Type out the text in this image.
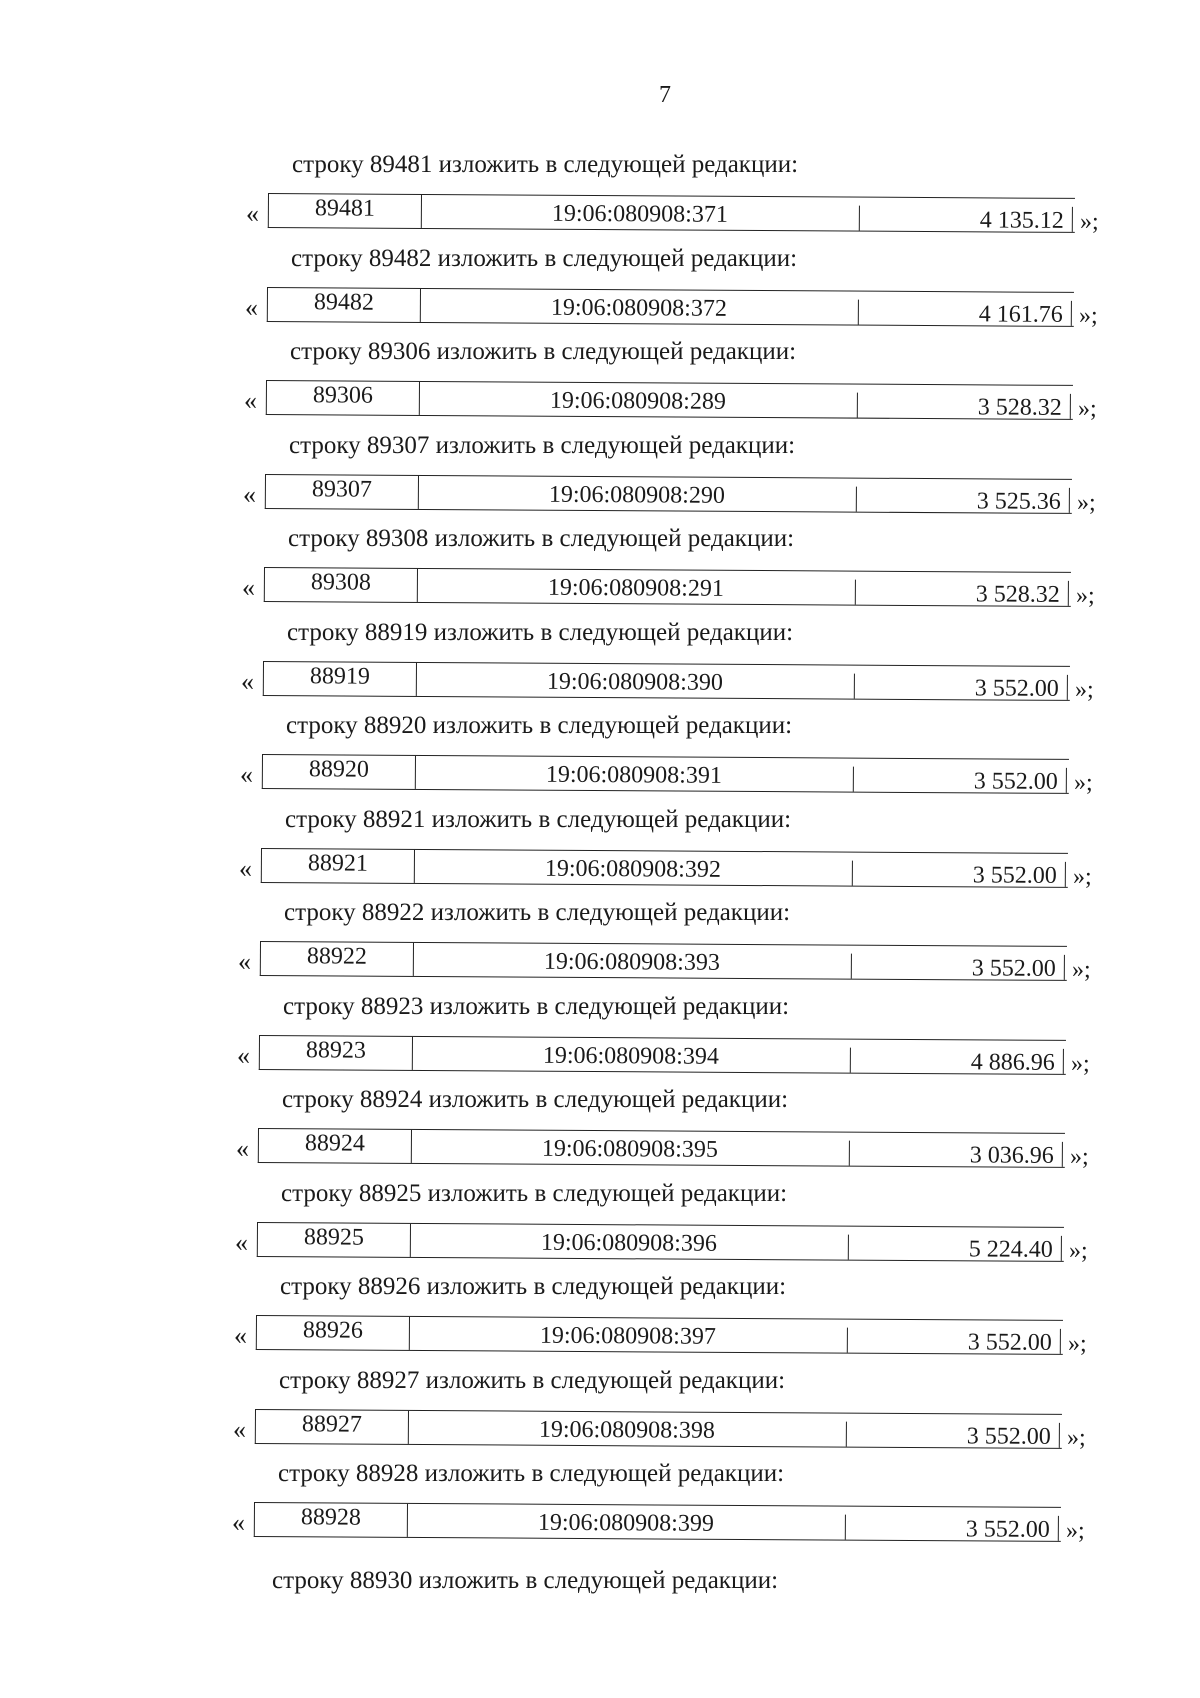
7
строку 89481 изложить в следующей редакции:
«	89481	19:06:080908:371	4 135.12 »;
строку 89482 изложить в следующей редакции:
«	89482	19:06:080908:372	4 161.76 »;
строку 89306 изложить в следующей редакции:
«	89306	19:06:080908:289	3 528.32 »;
строку 89307 изложить в следующей редакции:
«	89307	19:06:080908:290	3 525.36 »;
строку 89308 изложить в следующей редакции:
«	89308	19:06:080908:291	3 528.32 »;
строку 88919 изложить в следующей редакции:
«	88919	19:06:080908:390	3 552.00 »;
строку 88920 изложить в следующей редакции:
«	88920	19:06:080908:391	3 552.00 »;
строку 88921 изложить в следующей редакции:
«	88921	19:06:080908:392	3 552.00 »;
строку 88922 изложить в следующей редакции:
«	88922	19:06:080908:393	3 552.00 »;
строку 88923 изложить в следующей редакции:
«	88923	19:06:080908:394	4 886.96 »;
строку 88924 изложить в следующей редакции:
«	88924	19:06:080908:395	3 036.96 »;
строку 88925 изложить в следующей редакции:
«	88925	19:06:080908:396	5 224.40 »;
строку 88926 изложить в следующей редакции:
«	88926	19:06:080908:397	3 552.00 »;
строку 88927 изложить в следующей редакции:
«	88927	19:06:080908:398	3 552.00 »;
строку 88928 изложить в следующей редакции:
«	88928	19:06:080908:399	3 552.00 »;
строку 88930 изложить в следующей редакции:
